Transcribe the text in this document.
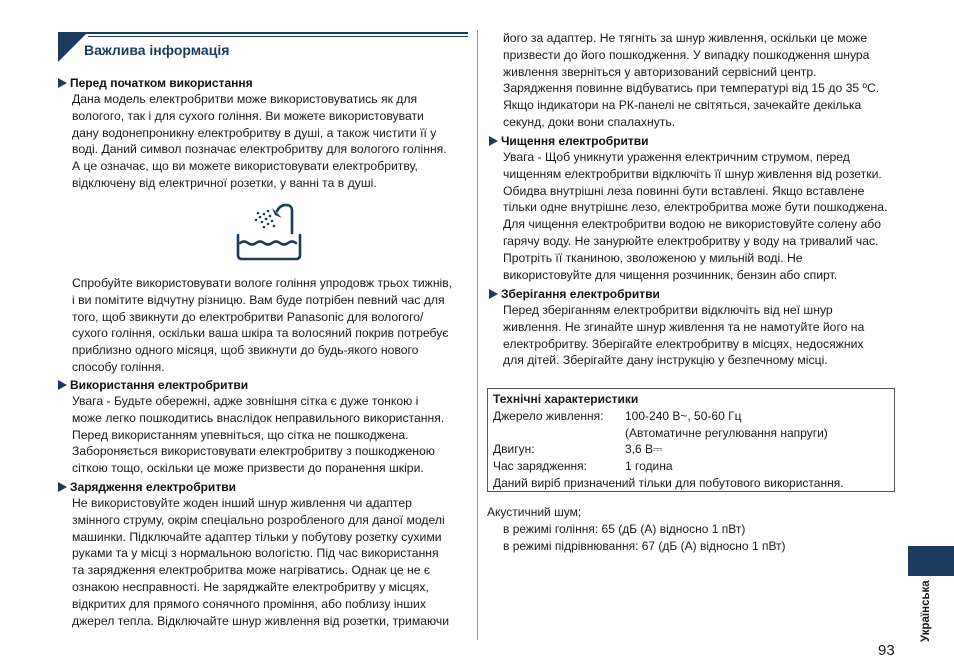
Важлива інформація
Перед початком використання

Дана модель електробритви може використовуватись як для
вологого, так і для сухого гоління. Ви можете використовувати
дану водонепроникну електробритву в душі, а також чистити її у
воді. Даний символ позначає електробритву для вологого гоління.
А це означає, що ви можете використовувати електробритву,
відключену від електричної розетки, у ванні та в душі.

Спробуйте використовувати вологе гоління упродовж трьох тижнів,
і ви помітите відчутну різницю. Вам буде потрібен певний час для
того, щоб звикнути до електробритви Panasonic для вологого/
сухого гоління, оскільки ваша шкіра та волосяний покрив потребує
приблизно одного місяця, щоб звикнути до будь-якого нового
способу гоління.

Використання електробритви

Увага - Будьте обережні, адже зовнішня сітка є дуже тонкою і
може легко пошкодитись внаслідок неправильного використання.
Перед використанням упевніться, що сітка не пошкоджена.
Забороняється використовувати електробритву з пошкодженою
сіткою тощо, оскільки це може призвести до поранення шкіри.

Зарядження електробритви

Не використовуйте жоден інший шнур живлення чи адаптер
змінного струму, окрім спеціально розробленого для даної моделі
машинки. Підключайте адаптер тільки у побутову розетку сухими
руками та у місці з нормальною вологістю. Під час використання
та зарядження електробритва може нагріватись. Однак це не є
ознакою несправності. Не заряджайте електробритву у місцях,
відкритих для прямого сонячного проміння, або поблизу інших
джерел тепла. Відключайте шнур живлення від розетки, тримаючи

його за адаптер. Не тягніть за шнур живлення, оскільки це може
призвести до його пошкодження. У випадку пошкодження шнура
живлення зверніться у авторизований сервісний центр.
Зарядження повинне відбуватись при температурі від 15 до 35 ºC.
Якщо індикатори на РК-панелі не світяться, зачекайте декілька
секунд, доки вони спалахнуть.

Чищення електробритви

Увага - Щоб уникнути ураження електричним струмом, перед
чищенням електробритви відключіть її шнур живлення від розетки.
Обидва внутрішні леза повинні бути вставлені. Якщо вставлене
тільки одне внутрішнє лезо, електробритва може бути пошкоджена.
Для чищення електробритви водою не використовуйте солену або
гарячу воду. Не занурюйте електробритву у воду на тривалий час.
Протріть її тканиною, зволоженою у мильній воді. Не
використовуйте для чищення розчинник, бензин або спирт.

Зберігання електробритви

Перед зберіганням електробритви відключіть від неї шнур
живлення. Не згинайте шнур живлення та не намотуйте його на
електробритву. Зберігайте електробритву в місцях, недосяжних
для дітей. Зберігайте дану інструкцію у безпечному місці.

Технічні характеристики
Джерело живлення:	100-240 В~, 50-60 Гц
(Автоматичне регулювання напруги)
Двигун:	3,6 В⎓
Час зарядження:	1 година
Даний виріб призначений тільки для побутового використання.
Акустичний шум;
в режимі гоління: 65 (дБ (A) відносно 1 пВт)
в режимі підрівнювання: 67 (дБ (A) відносно 1 пВт)
Українська
93
